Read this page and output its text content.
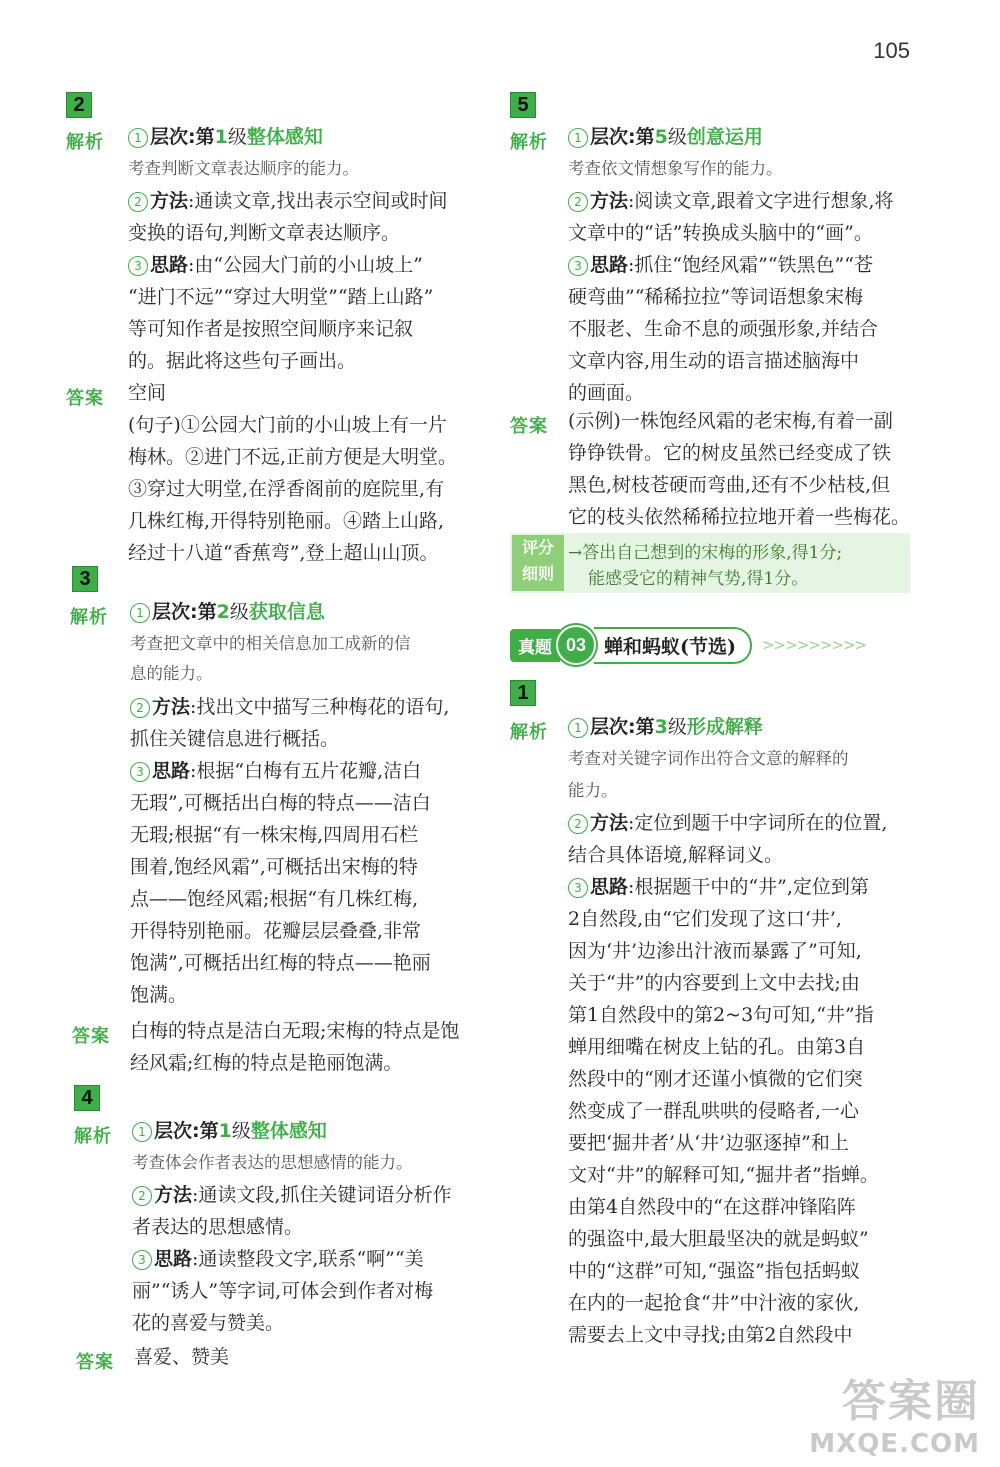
105
2
解析	1 层次:第1级整体感知
考查判断文章表达顺序的能力。
2 方法:通读文章,找出表示空间或时间
变换的语句,判断文章表达顺序。
3 思路:由“公园大门前的小山坡上”
“进门不远”“穿过大明堂”“踏上山路”
等可知作者是按照空间顺序来记叙
的。据此将这些句子画出。
答案 空间
(句子)①公园大门前的小山坡上有一片
梅林。②进门不远,正前方便是大明堂。
③穿过大明堂,在浮香阁前的庭院里,有
几株红梅,开得特别艳丽。④踏上山路,
经过十八道“香蕉弯”,登上超山山顶。
3
解析	1 层次:第2级获取信息
考查把文章中的相关信息加工成新的信
息的能力。
2 方法:找出文中描写三种梅花的语句,
抓住关键信息进行概括。
3 思路:根据“白梅有五片花瓣,洁白
无瑕”,可概括出白梅的特点——洁白
无瑕;根据“有一株宋梅,四周用石栏
围着,饱经风霜”,可概括出宋梅的特
点——饱经风霜;根据“有几株红梅,
开得特别艳丽。花瓣层层叠叠,非常
饱满”,可概括出红梅的特点——艳丽
饱满。
答案 白梅的特点是洁白无瑕;宋梅的特点是饱
经风霜;红梅的特点是艳丽饱满。
4
解析	1 层次:第1级整体感知
考查体会作者表达的思想感情的能力。
2 方法:通读文段,抓住关键词语分析作
者表达的思想感情。
3 思路:通读整段文字,联系“啊”“美
丽”“诱人”等字词,可体会到作者对梅
花的喜爱与赞美。
答案 喜爱、赞美
5
解析	1 层次:第5级创意运用
考查依文情想象写作的能力。
2 方法:阅读文章,跟着文字进行想象,将
文章中的“话”转换成头脑中的“画”。
3 思路:抓住“饱经风霜”“铁黑色”“苍
硬弯曲”“稀稀拉拉”等词语想象宋梅
不服老、生命不息的顽强形象,并结合
文章内容,用生动的语言描述脑海中
的画面。
答案 (示例)一株饱经风霜的老宋梅,有着一副
铮铮铁骨。它的树皮虽然已经变成了铁
黑色,树枝苍硬而弯曲,还有不少枯枝,但
它的枝头依然稀稀拉拉地开着一些梅花。
评分
细则
→答出自己想到的宋梅的形象,得1分;
能感受它的精神气势,得1分。
真题 03 蝉和蚂蚁(节选)	>>>>>>>>>
1
解析	1 层次:第3级形成解释
考查对关键字词作出符合文意的解释的
能力。
2 方法:定位到题干中字词所在的位置,
结合具体语境,解释词义。
3 思路:根据题干中的“井”,定位到第
2自然段,由“它们发现了这口‘井’,
因为‘井’边渗出汁液而暴露了”可知,
关于“井”的内容要到上文中去找;由
第1自然段中的第2~3句可知,“井”指
蝉用细嘴在树皮上钻的孔。由第3自
然段中的“刚才还谨小慎微的它们突
然变成了一群乱哄哄的侵略者,一心
要把‘掘井者’从‘井’边驱逐掉”和上
文对“井”的解释可知,“掘井者”指蝉。
由第4自然段中的“在这群冲锋陷阵
的强盗中,最大胆最坚决的就是蚂蚁”
中的“这群”可知,“强盗”指包括蚂蚁
在内的一起抢食“井”中汁液的家伙,
需要去上文中寻找;由第2自然段中
答案圈
MXQE.COM
